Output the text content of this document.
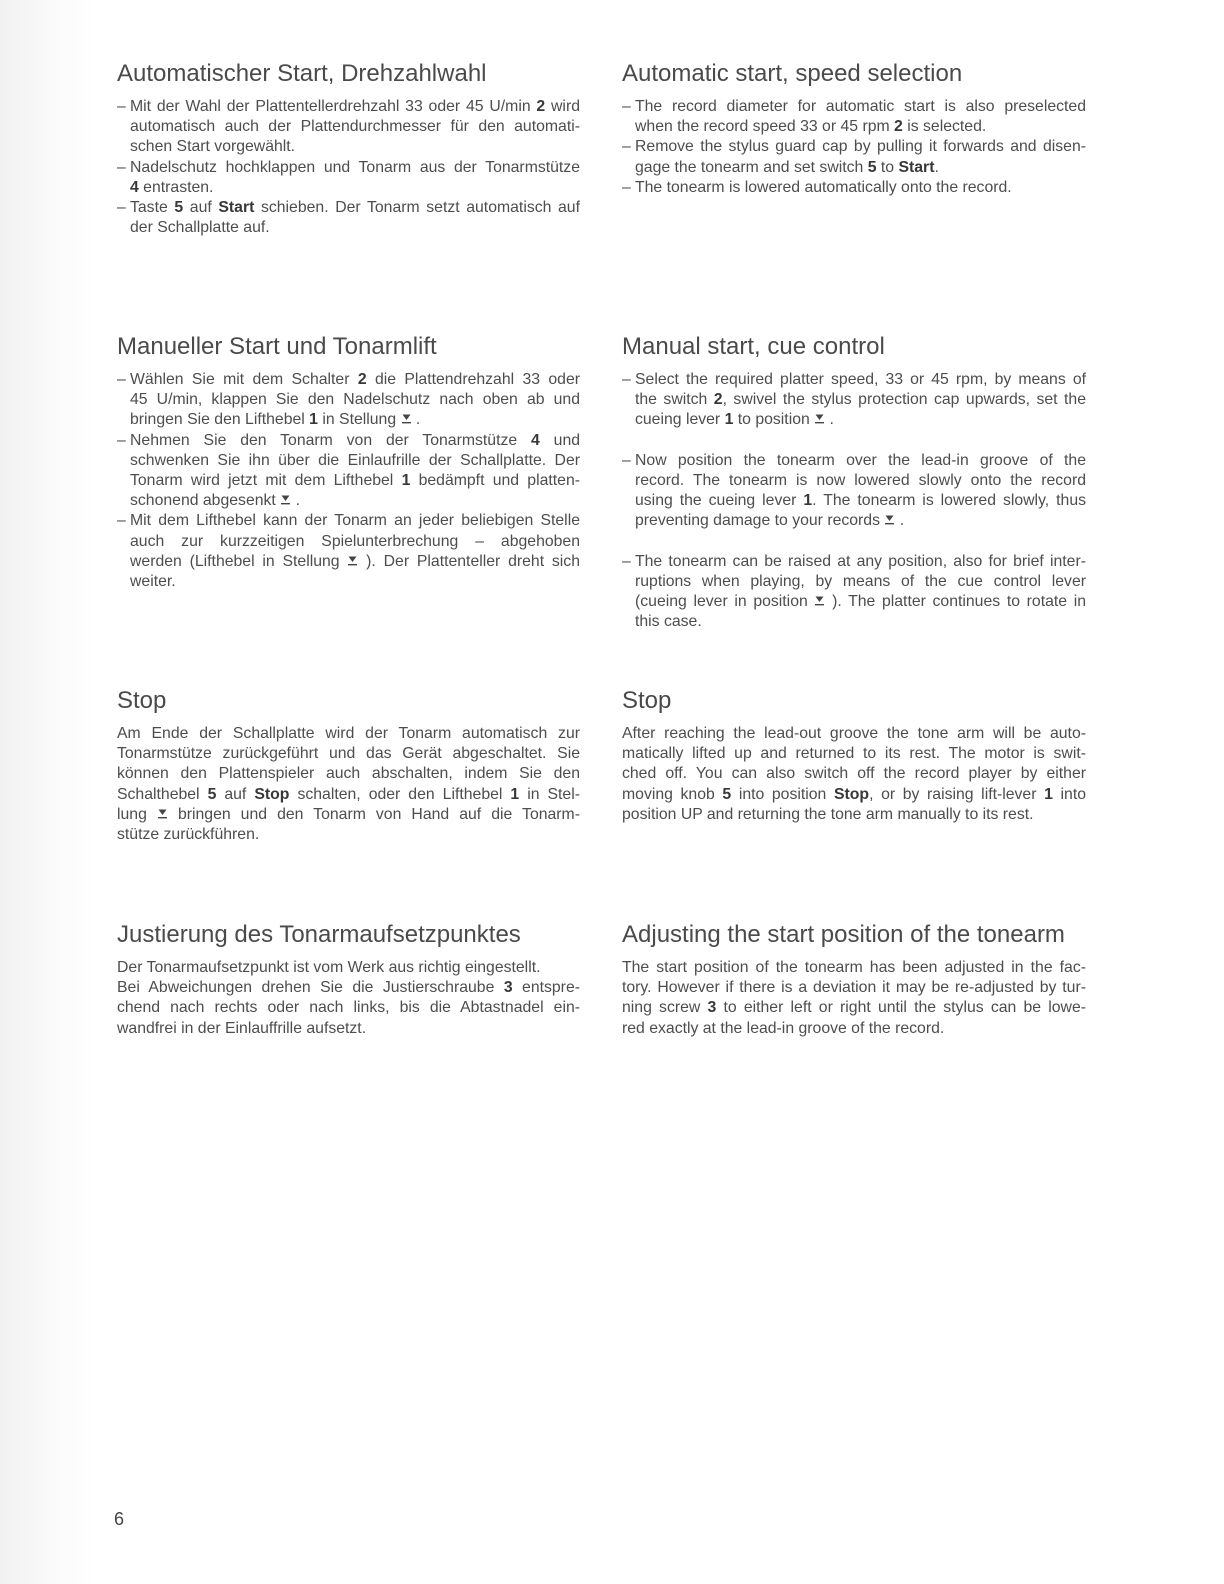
Automatischer Start, Drehzahlwahl
– Mit der Wahl der Plattentellerdrehzahl 33 oder 45 U/min 2 wird
automatisch auch der Plattendurchmesser für den automati-
schen Start vorgewählt.
– Nadelschutz hochklappen und Tonarm aus der Tonarmstütze
4 entrasten.
– Taste 5 auf Start schieben. Der Tonarm setzt automatisch auf
der Schallplatte auf.
Automatic start, speed selection
– The record diameter for automatic start is also preselected
when the record speed 33 or 45 rpm 2 is selected.
– Remove the stylus guard cap by pulling it forwards and disen-
gage the tonearm and set switch 5 to Start.
– The tonearm is lowered automatically onto the record.
Manueller Start und Tonarmlift
– Wählen Sie mit dem Schalter 2 die Plattendrehzahl 33 oder
45 U/min, klappen Sie den Nadelschutz nach oben ab und
bringen Sie den Lifthebel 1 in Stellung
.
– Nehmen Sie den Tonarm von der Tonarmstütze 4 und
schwenken Sie ihn über die Einlaufrille der Schallplatte. Der
Tonarm wird jetzt mit dem Lifthebel 1 bedämpft und platten-
schonend abgesenkt
.
– Mit dem Lifthebel kann der Tonarm an jeder beliebigen Stelle
auch zur kurzzeitigen Spielunterbrechung – abgehoben
werden (Lifthebel in Stellung
). Der Plattenteller dreht sich
weiter.
Manual start, cue control
– Select the required platter speed, 33 or 45 rpm, by means of
the switch 2, swivel the stylus protection cap upwards, set the
cueing lever 1 to position
.
– Now position the tonearm over the lead-in groove of the
record. The tonearm is now lowered slowly onto the record
using the cueing lever 1. The tonearm is lowered slowly, thus
preventing damage to your records
.
– The tonearm can be raised at any position, also for brief inter-
ruptions when playing, by means of the cue control lever
(cueing lever in position
). The platter continues to rotate in
this case.
Stop
Am Ende der Schallplatte wird der Tonarm automatisch zur
Tonarmstütze zurückgeführt und das Gerät abgeschaltet. Sie
können den Plattenspieler auch abschalten, indem Sie den
Schalthebel 5 auf Stop schalten, oder den Lifthebel 1 in Stel-
lung
bringen und den Tonarm von Hand auf die Tonarm-
stütze zurückführen.
Stop
After reaching the lead-out groove the tone arm will be auto-
matically lifted up and returned to its rest. The motor is swit-
ched off. You can also switch off the record player by either
moving knob 5 into position Stop, or by raising lift-lever 1 into
position UP and returning the tone arm manually to its rest.
Justierung des Tonarmaufsetzpunktes
Der Tonarmaufsetzpunkt ist vom Werk aus richtig eingestellt.
Bei Abweichungen drehen Sie die Justierschraube 3 entspre-
chend nach rechts oder nach links, bis die Abtastnadel ein-
wandfrei in der Einlauffrille aufsetzt.
Adjusting the start position of the tonearm
The start position of the tonearm has been adjusted in the fac-
tory. However if there is a deviation it may be re-adjusted by tur-
ning screw 3 to either left or right until the stylus can be lowe-
red exactly at the lead-in groove of the record.
6
